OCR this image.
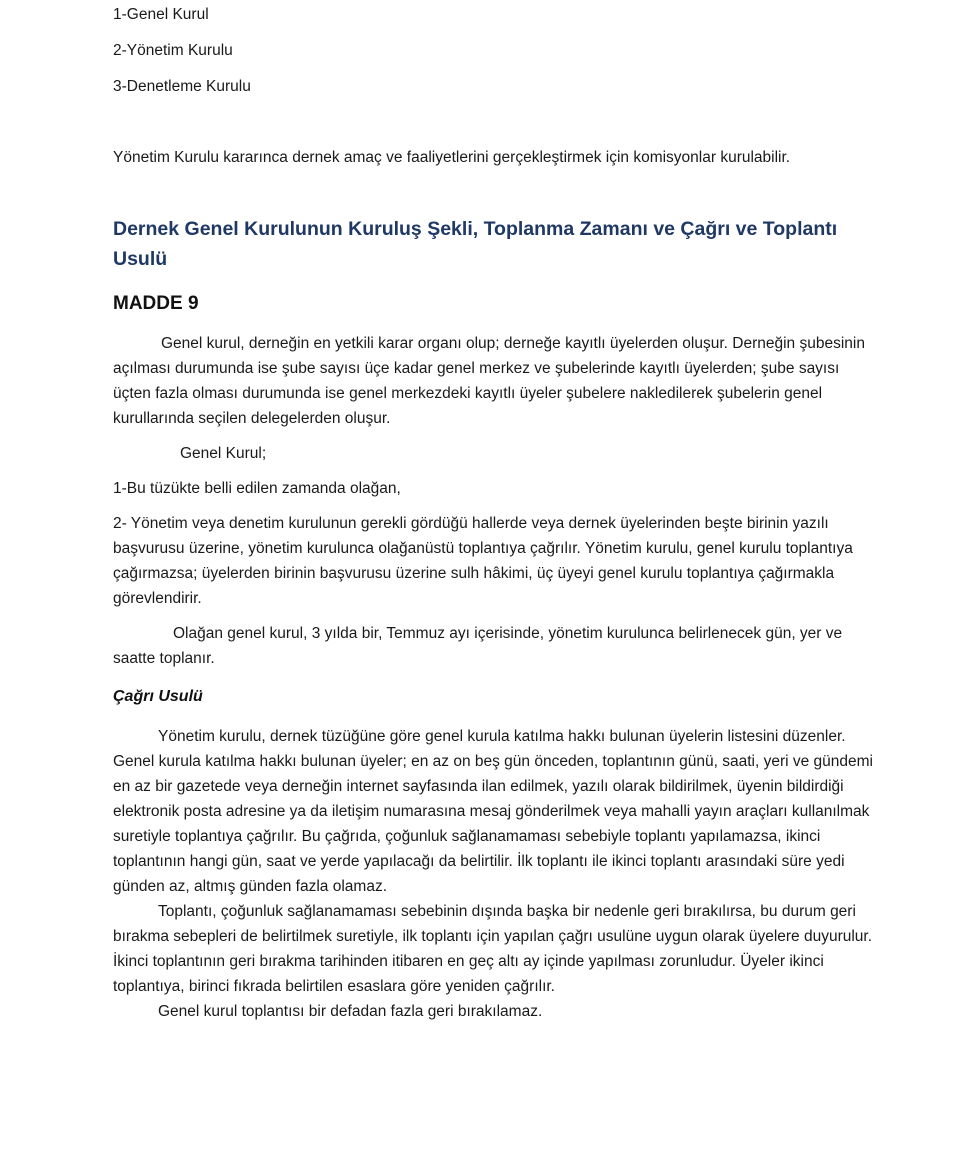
1-Genel Kurul

2-Yönetim Kurulu

3-Denetleme Kurulu

Yönetim Kurulu kararınca dernek amaç ve faaliyetlerini gerçekleştirmek için komisyonlar kurulabilir.

Dernek Genel Kurulunun Kuruluş Şekli, Toplanma Zamanı ve Çağrı ve Toplantı Usulü
MADDE 9

Genel kurul, derneğin en yetkili karar organı olup; derneğe kayıtlı üyelerden oluşur. Derneğin şubesinin açılması durumunda ise şube sayısı üçe kadar genel merkez ve şubelerinde kayıtlı üyelerden; şube sayısı üçten fazla olması durumunda ise genel merkezdeki kayıtlı üyeler şubelere nakledilerek şubelerin genel kurullarında seçilen delegelerden oluşur.

Genel Kurul;

1-Bu tüzükte belli edilen zamanda olağan,

2- Yönetim veya denetim kurulunun gerekli gördüğü hallerde veya dernek üyelerinden beşte birinin yazılı başvurusu üzerine, yönetim kurulunca olağanüstü toplantıya çağrılır. Yönetim kurulu, genel kurulu toplantıya çağırmazsa; üyelerden birinin başvurusu üzerine sulh hâkimi, üç üyeyi genel kurulu toplantıya çağırmakla görevlendirir.

Olağan genel kurul, 3 yılda bir, Temmuz ayı içerisinde, yönetim kurulunca belirlenecek gün, yer ve saatte toplanır.

Çağrı Usulü

Yönetim kurulu, dernek tüzüğüne göre genel kurula katılma hakkı bulunan üyelerin listesini düzenler. Genel kurula katılma hakkı bulunan üyeler; en az on beş gün önceden, toplantının günü, saati, yeri ve gündemi en az bir gazetede veya derneğin internet sayfasında ilan edilmek, yazılı olarak bildirilmek, üyenin bildirdiği elektronik posta adresine ya da iletişim numarasına mesaj gönderilmek veya mahalli yayın araçları kullanılmak suretiyle toplantıya çağrılır. Bu çağrıda, çoğunluk sağlanamaması sebebiyle toplantı yapılamazsa, ikinci toplantının hangi gün, saat ve yerde yapılacağı da belirtilir. İlk toplantı ile ikinci toplantı arasındaki süre yedi günden az, altmış günden fazla olamaz.

Toplantı, çoğunluk sağlanamaması sebebinin dışında başka bir nedenle geri bırakılırsa, bu durum geri bırakma sebepleri de belirtilmek suretiyle, ilk toplantı için yapılan çağrı usulüne uygun olarak üyelere duyurulur. İkinci toplantının geri bırakma tarihinden itibaren en geç altı ay içinde yapılması zorunludur. Üyeler ikinci toplantıya, birinci fıkrada belirtilen esaslara göre yeniden çağrılır.

Genel kurul toplantısı bir defadan fazla geri bırakılamaz.
